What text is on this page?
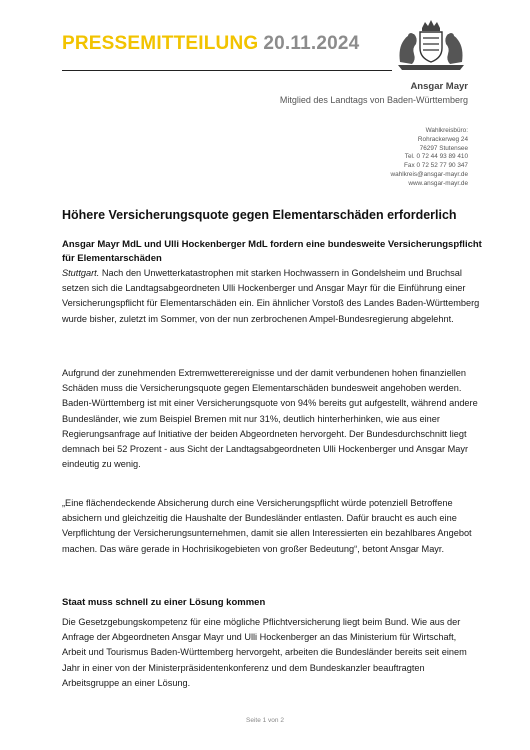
PRESSEMITTEILUNG 20.11.2024
Ansgar Mayr
Mitglied des Landtags von Baden-Württemberg
Wahlkreisbüro:
Rohrackerweg 24
76297 Stutensee
Tel. 0 72 44 93 89 410
Fax 0 72 52 77 90 347
wahlkreis@ansgar-mayr.de
www.ansgar-mayr.de
Höhere Versicherungsquote gegen Elementarschäden erforderlich
Ansgar Mayr MdL und Ulli Hockenberger MdL fordern eine bundesweite Versicherungspflicht für Elementarschäden
Stuttgart. Nach den Unwetterkatastrophen mit starken Hochwassern in Gondelsheim und Bruchsal setzen sich die Landtagsabgeordneten Ulli Hockenberger und Ansgar Mayr für die Einführung einer Versicherungspflicht für Elementarschäden ein. Ein ähnlicher Vorstoß des Landes Baden-Württemberg wurde bisher, zuletzt im Sommer, von der nun zerbrochenen Ampel-Bundesregierung abgelehnt.
Aufgrund der zunehmenden Extremwetterereignisse und der damit verbundenen hohen finanziellen Schäden muss die Versicherungsquote gegen Elementarschäden bundesweit angehoben werden. Baden-Württemberg ist mit einer Versicherungsquote von 94% bereits gut aufgestellt, während andere Bundesländer, wie zum Beispiel Bremen mit nur 31%, deutlich hinterherhinken, wie aus einer Regierungsanfrage auf Initiative der beiden Abgeordneten hervorgeht. Der Bundesdurchschnitt liegt demnach bei 52 Prozent - aus Sicht der Landtagsabgeordneten Ulli Hockenberger und Ansgar Mayr eindeutig zu wenig.
„Eine flächendeckende Absicherung durch eine Versicherungspflicht würde potenziell Betroffene absichern und gleichzeitig die Haushalte der Bundesländer entlasten. Dafür braucht es auch eine Verpflichtung der Versicherungsunternehmen, damit sie allen Interessierten ein bezahlbares Angebot machen. Das wäre gerade in Hochrisikogebieten von großer Bedeutung“, betont Ansgar Mayr.
Staat muss schnell zu einer Lösung kommen
Die Gesetzgebungskompetenz für eine mögliche Pflichtversicherung liegt beim Bund. Wie aus der Anfrage der Abgeordneten Ansgar Mayr und Ulli Hockenberger an das Ministerium für Wirtschaft, Arbeit und Tourismus Baden-Württemberg hervorgeht, arbeiten die Bundesländer bereits seit einem Jahr in einer von der Ministerpräsidentenkonferenz und dem Bundeskanzler beauftragten Arbeitsgruppe an einer Lösung.
Seite 1 von 2
